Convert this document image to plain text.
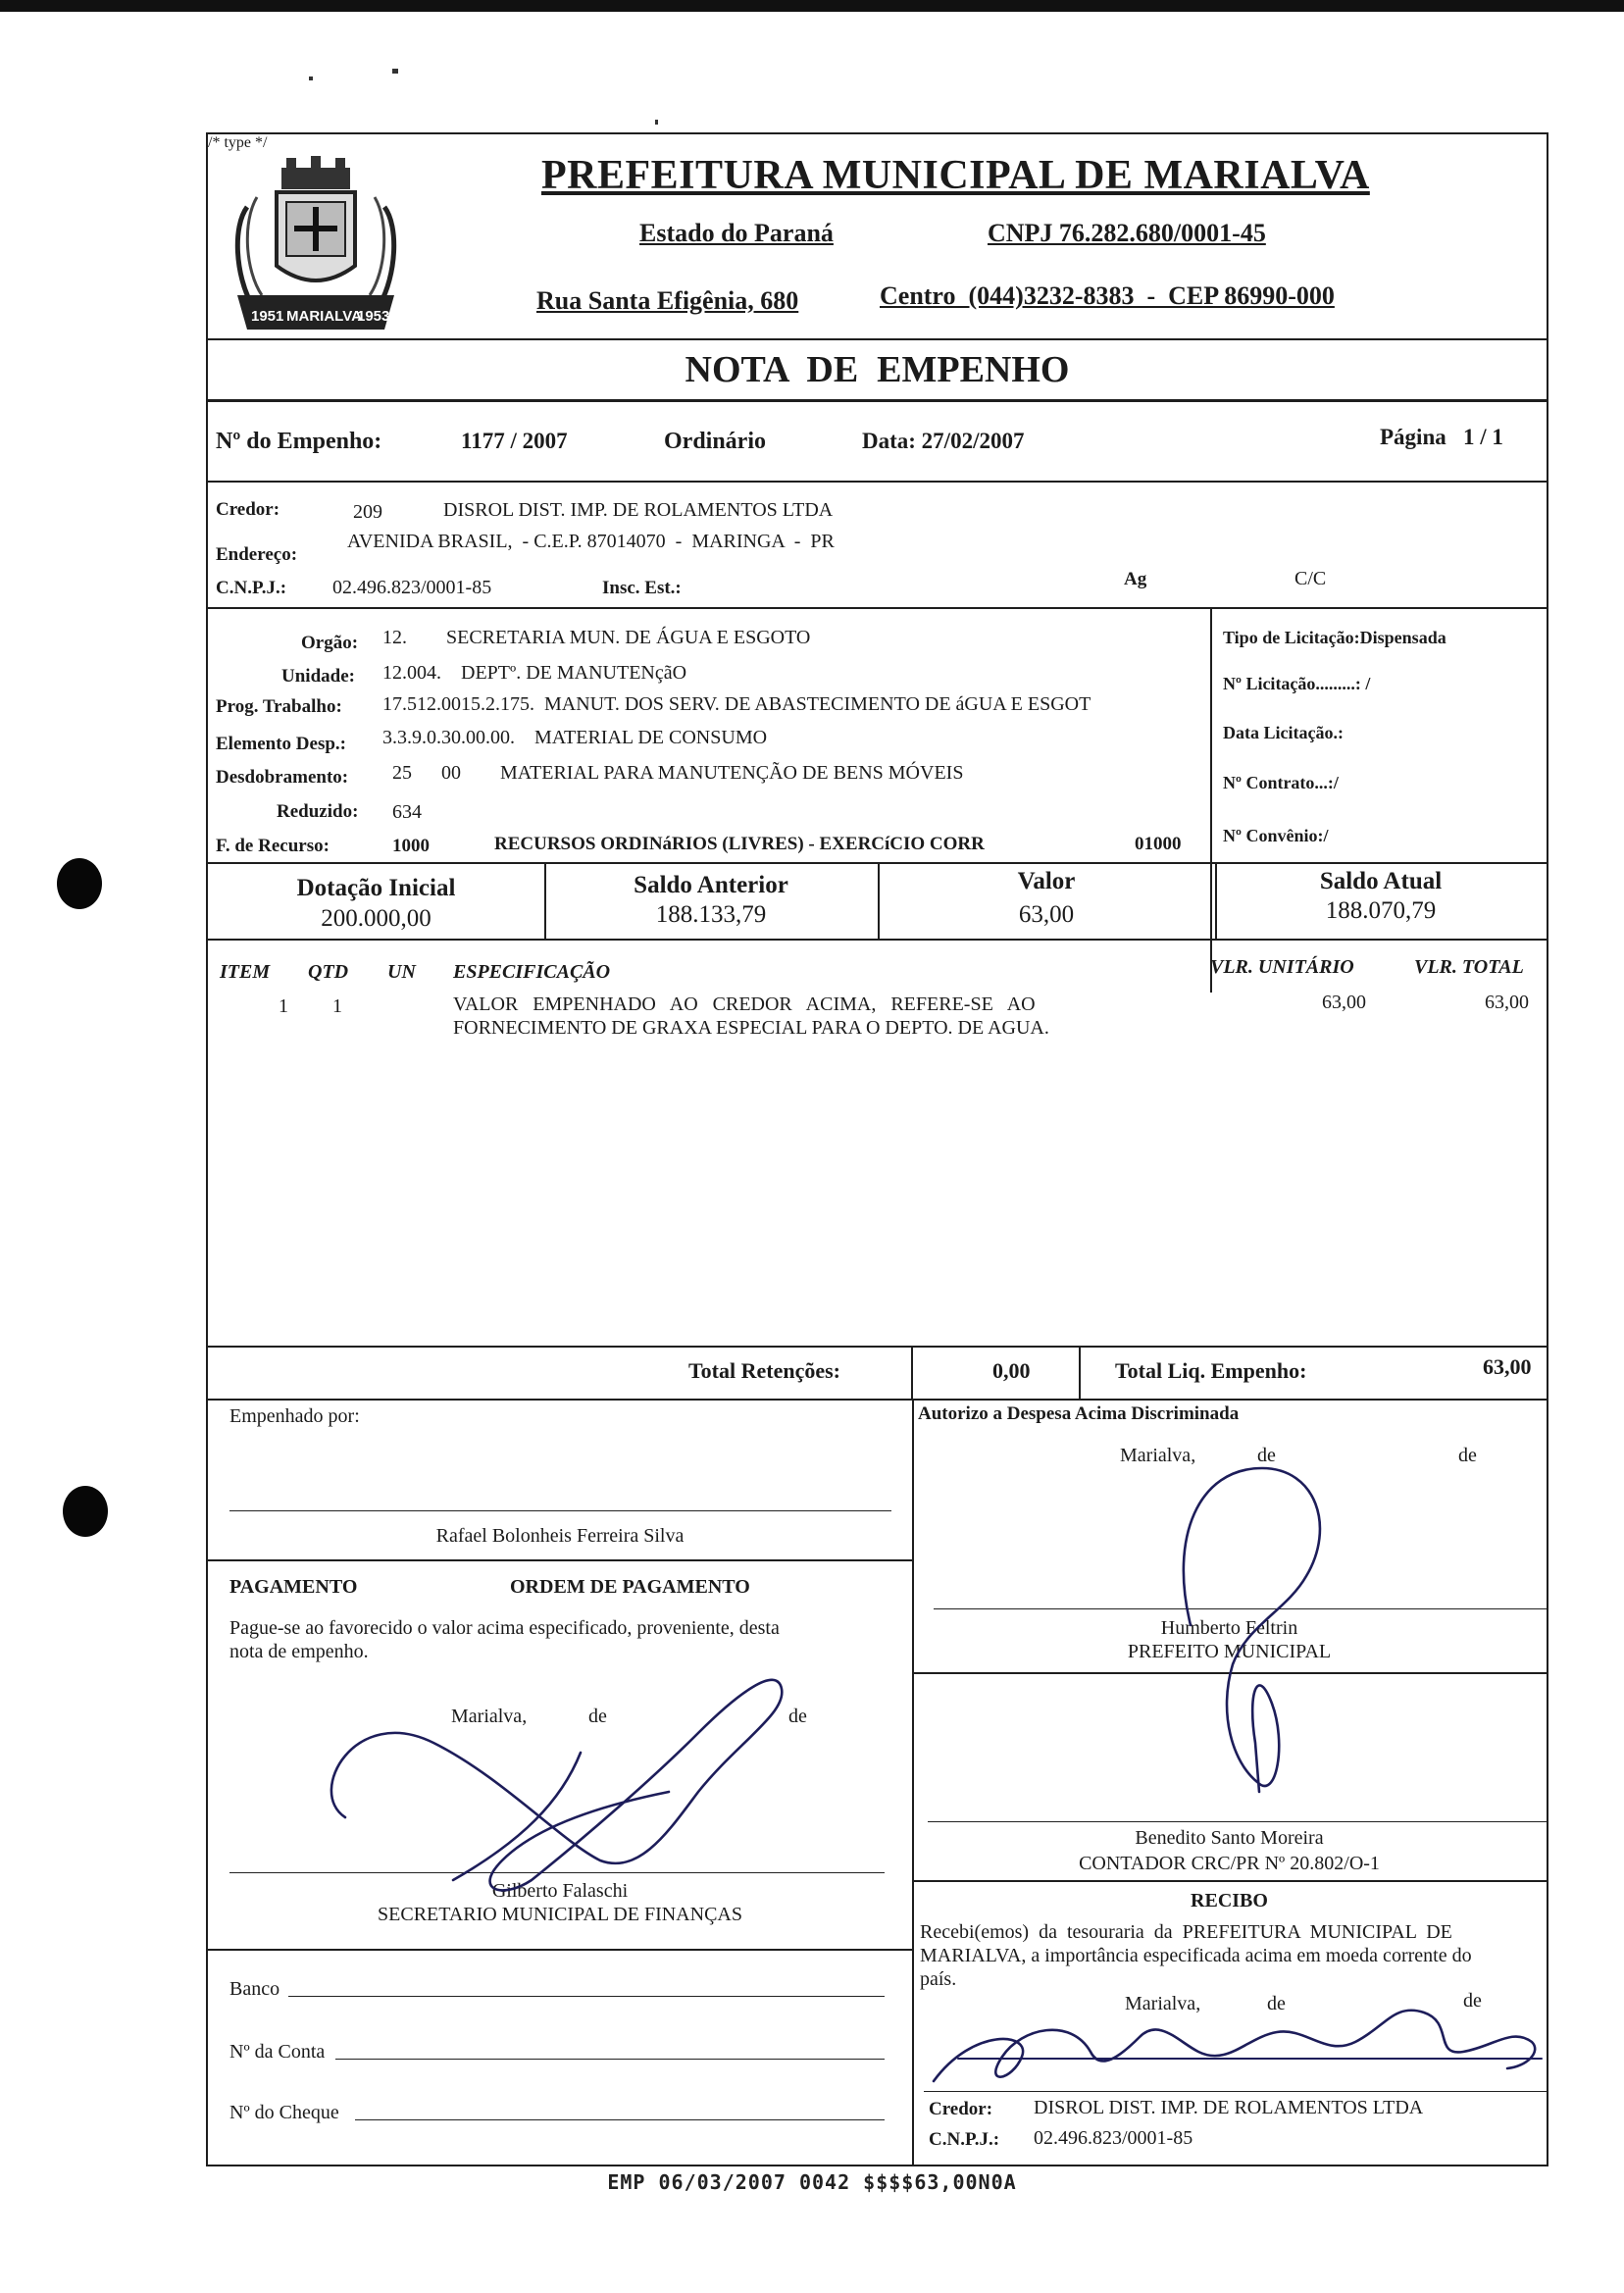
1951 MARIALVA
1953
PREFEITURA MUNICIPAL DE MARIALVA
Estado do Paraná	CNPJ 76.282.680/0001-45
Rua Santa Efigênia, 680	Centro  (044)3232-8383  -  CEP 86990-000
NOTA  DE  EMPENHO
Nº do Empenho:	1177 / 2007
/* type */
Ordinário	Data: 27/02/2007	Página   1 / 1
Credor:	209	DISROL DIST. IMP. DE ROLAMENTOS LTDA
Endereço:
AVENIDA BRASIL,  - C.E.P. 87014070  -  MARINGA  -  PR
C.N.P.J.: 02.496.823/0001-85	Insc. Est.:	Ag	C/C
Orgão: 12.        SECRETARIA MUN. DE ÁGUA E ESGOTO
Unidade: 12.004.    DEPTº. DE MANUTENçãO
Prog. Trabalho: 17.512.0015.2.175.  MANUT. DOS SERV. DE ABASTECIMENTO DE áGUA E ESGOT
Elemento Desp.: 3.3.9.0.30.00.00.    MATERIAL DE CONSUMO
Desdobramento: 25      00        MATERIAL PARA MANUTENÇÃO DE BENS MÓVEIS
Reduzido: 634
F. de Recurso:	1000	RECURSOS ORDINáRIOS (LIVRES) - EXERCíCIO CORR	01000
Tipo de Licitação:Dispensada
Nº Licitação.........: /
Data Licitação.:
Nº Contrato...:/
Nº Convênio:/
Dotação Inicial
200.000,00
Saldo Anterior
188.133,79
Valor
63,00
Saldo Atual
188.070,79
ITEM QTD UN ESPECIFICAÇÃO	VLR. UNITÁRIO	VLR. TOTAL
1 1	VALOR   EMPENHADO   AO   CREDOR   ACIMA,   REFERE-SE   AO
FORNECIMENTO DE GRAXA ESPECIAL PARA O DEPTO. DE AGUA.
63,00	63,00
Total Retenções:	0,00	Total Liq. Empenho:	63,00
Empenhado por:
Rafael Bolonheis Ferreira Silva
PAGAMENTO	ORDEM DE PAGAMENTO
Pague-se ao favorecido o valor acima especificado, proveniente, desta
nota de empenho.
Marialva,	de	de
Gilberto Falaschi
SECRETARIO MUNICIPAL DE FINANÇAS
Banco
Nº da Conta
Nº do Cheque
Autorizo a Despesa Acima Discriminada
Marialva,	de	de
Humberto Feltrin
PREFEITO MUNICIPAL
Benedito Santo Moreira
CONTADOR CRC/PR Nº 20.802/O-1
RECIBO
Recebi(emos)  da  tesouraria  da  PREFEITURA  MUNICIPAL  DE
MARIALVA, a importância especificada acima em moeda corrente do
país.
Marialva,	de	de
Credor: DISROL DIST. IMP. DE ROLAMENTOS LTDA
C.N.P.J.: 02.496.823/0001-85
EMP 06/03/2007 0042 $$$$63,00N0A
